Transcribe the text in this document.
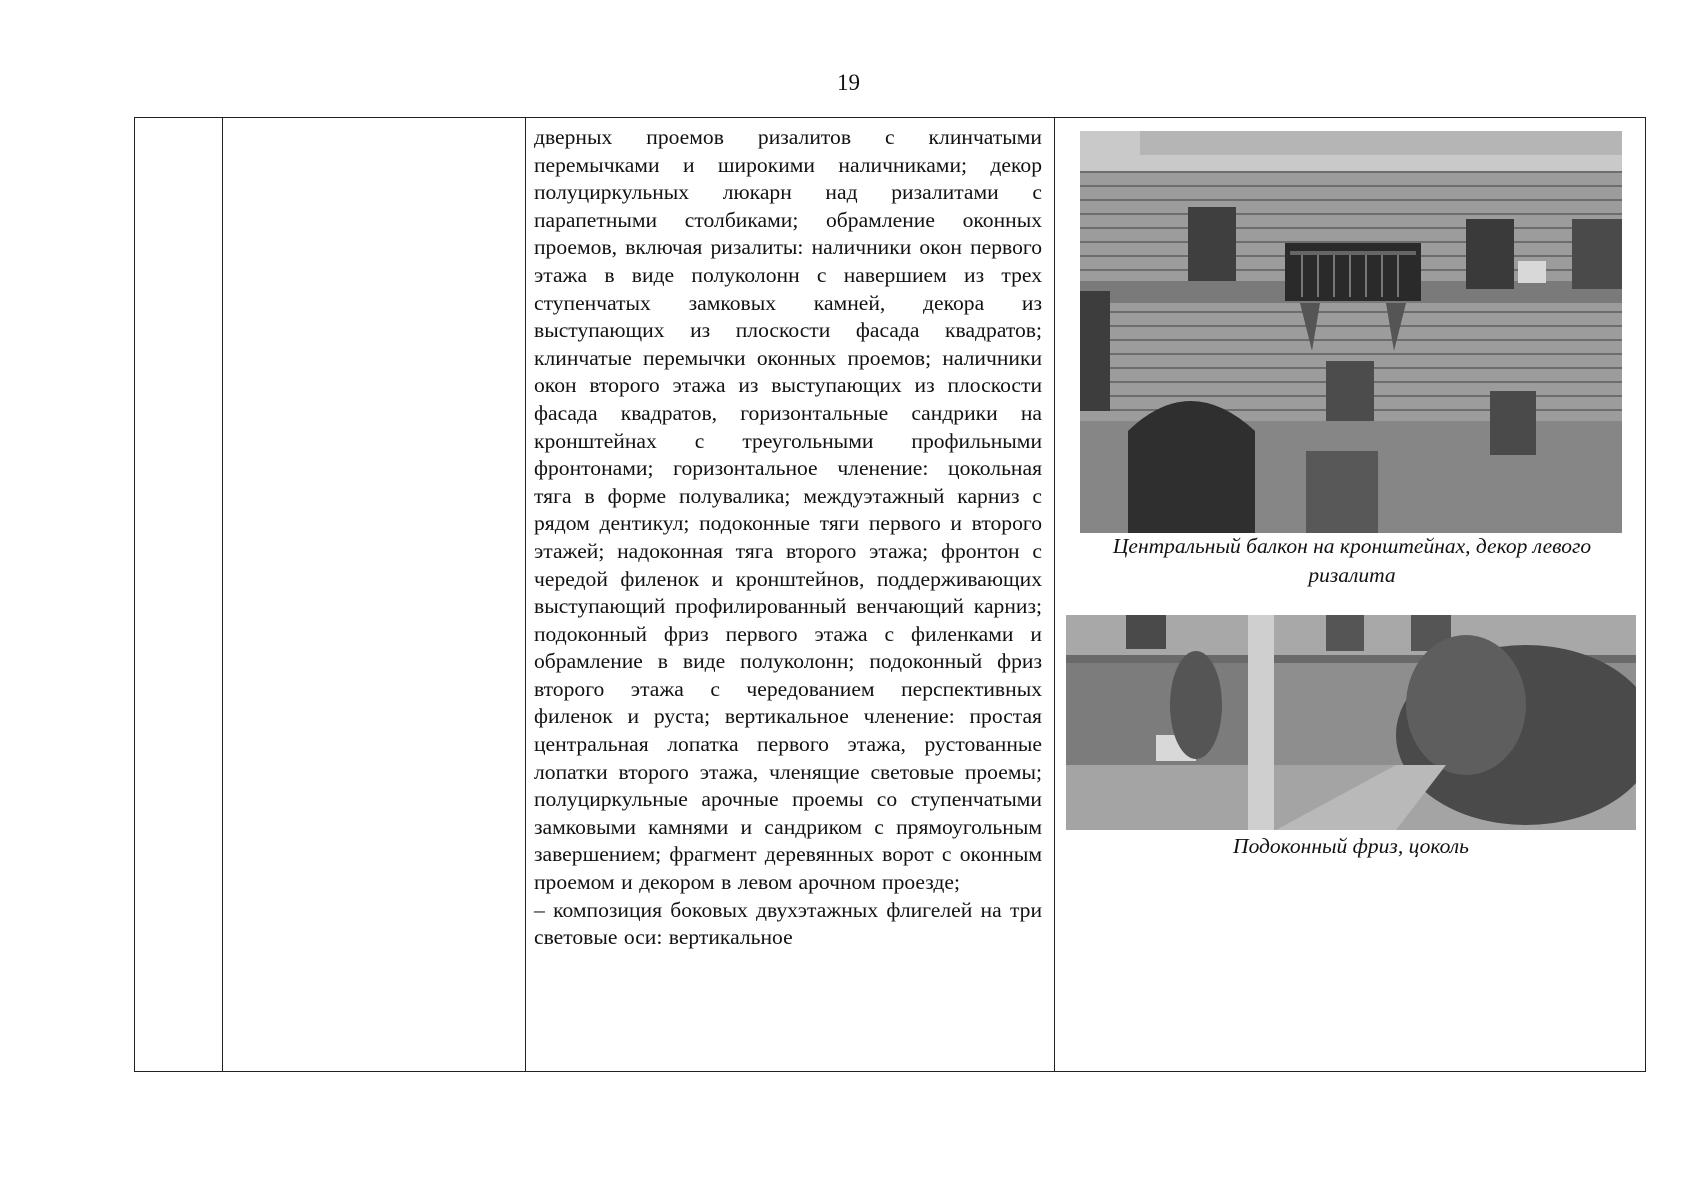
19

дверных проемов ризалитов с клинчатыми перемычками и широкими наличниками; декор полуциркульных люкарн над ризалитами с парапетными столбиками; обрамление оконных проемов, включая ризалиты: наличники окон первого этажа в виде полуколонн с навершием из трех ступенчатых замковых камней, декора из выступающих из плоскости фасада квадратов; клинчатые перемычки оконных проемов; наличники окон второго этажа из выступающих из плоскости фасада квадратов, горизонтальные сандрики на кронштейнах с треугольными профильными фронтонами; горизонтальное членение: цокольная тяга в форме полувалика; междуэтажный карниз с рядом дентикул; подоконные тяги первого и второго этажей; надоконная тяга второго этажа; фронтон с чередой филенок и кронштейнов, поддерживающих выступающий профилированный венчающий карниз; подоконный фриз первого этажа с филенками и обрамление в виде полуколонн; подоконный фриз второго этажа с чередованием перспективных филенок и руста; вертикальное членение: простая центральная лопатка первого этажа, рустованные лопатки второго этажа, членящие световые проемы; полуциркульные арочные проемы со ступенчатыми замковыми камнями и сандриком с прямоугольным завершением; фрагмент деревянных ворот с оконным проемом и декором в левом арочном проезде;

– композиция боковых двухэтажных флигелей на три световые оси: вертикальное

Центральный балкон на кронштейнах, декор левого ризалита
Подоконный фриз, цоколь
